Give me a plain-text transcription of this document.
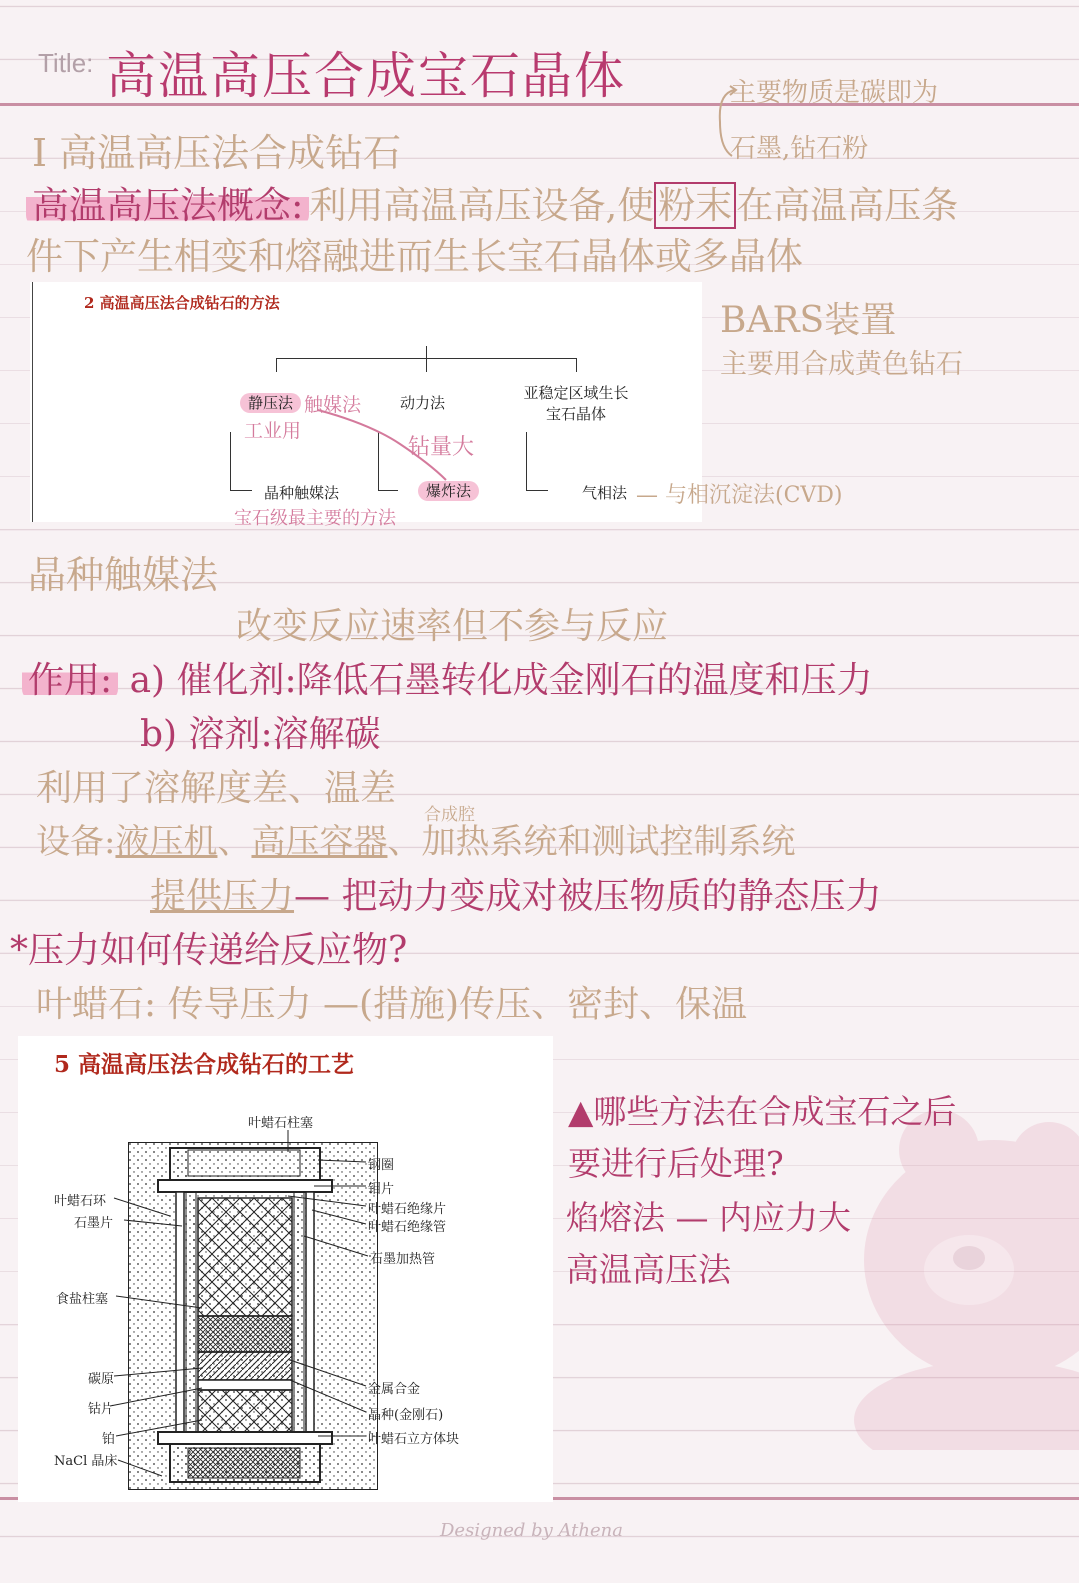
Title: 高温高压合成宝石晶体	主要物质是碳即为
石墨,钻石粉
I 高温高压法合成钻石
高温高压法概念: 利用高温高压设备,使 粉末 在高温高压条
件下产生相变和熔融进而生长宝石晶体或多晶体
BARS装置
主要用合成黄色钻石
2 高温高压法合成钻石的方法
静压法	动力法
亚稳定区域生长
宝石晶体
晶种触媒法	爆炸法	气相法
触媒法
工业用
钻量大
宝石级最主要的方法
— 与相沉淀法(CVD)
晶种触媒法
改变反应速率但不参与反应
作用: a) 催化剂:降低石墨转化成金刚石的温度和压力
b) 溶剂:溶解碳
利用了溶解度差、温差
设备:液压机、高压容器、加热系统和测试控制系统
合成腔
提供压力— 把动力变成对被压物质的静态压力
*压力如何传递给反应物?
叶蜡石: 传导压力 —(措施)传压、密封、保温
5 高温高压法合成钻石的工艺
叶蜡石柱塞
钢圈
钼片
叶蜡石绝缘片
叶蜡石绝缘管
石墨加热管
叶蜡石环
石墨片
食盐柱塞
碳原
钴片
铂
NaCl 晶床
金属合金
晶种(金刚石)
叶蜡石立方体块
▲哪些方法在合成宝石之后
要进行后处理?
焰熔法 — 内应力大
高温高压法
Designed by Athena
